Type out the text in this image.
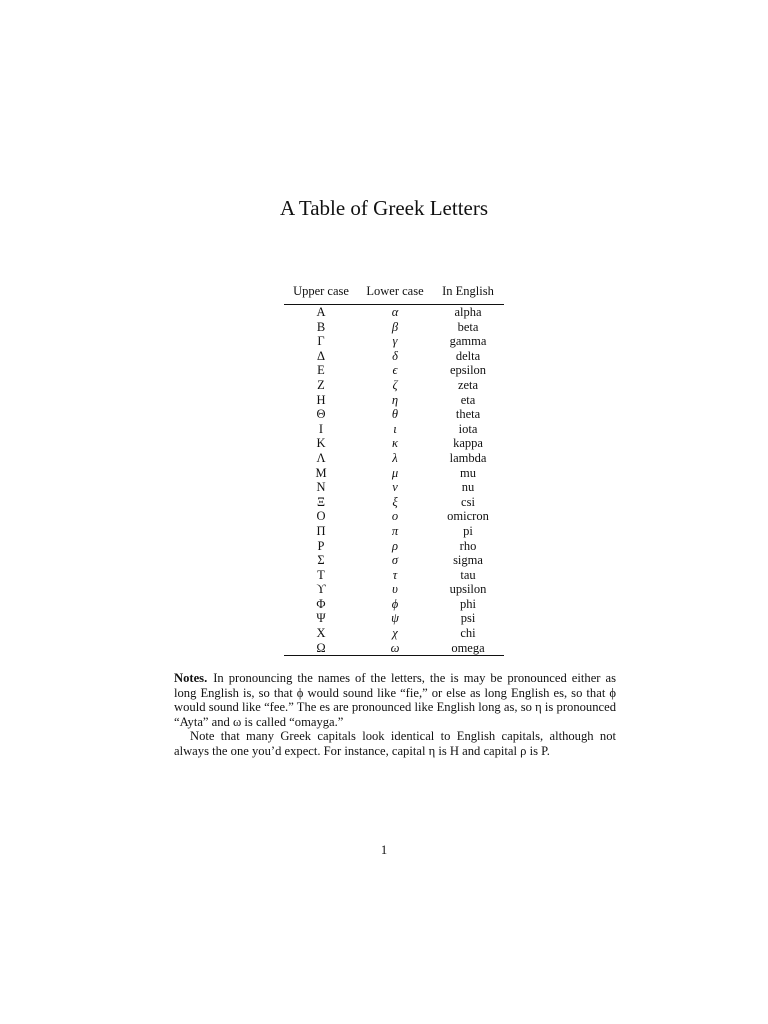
A Table of Greek Letters
Upper case	Lower case	In English
Α	α	alpha
Β	β	beta
Γ	γ	gamma
Δ	δ	delta
Ε	ϵ	epsilon
Ζ	ζ	zeta
Η	η	eta
Θ	θ	theta
Ι	ι	iota
Κ	κ	kappa
Λ	λ	lambda
Μ	μ	mu
Ν	ν	nu
Ξ	ξ	csi
Ο	ο	omicron
Π	π	pi
Ρ	ρ	rho
Σ	σ	sigma
Τ	τ	tau
ϒ	υ	upsilon
Φ	ϕ	phi
Ψ	ψ	psi
Χ	χ	chi
Ω	ω	omega

Notes. In pronouncing the names of the letters, the is may be pronounced either as long English is, so that ϕ would sound like “fie,” or else as long English es, so that ϕ would sound like “fee.” The es are pronounced like English long as, so η is pronounced “Ayta” and ω is called “omayga.”

Note that many Greek capitals look identical to English capitals, although not always the one you’d expect. For instance, capital η is H and capital ρ is P.

1
